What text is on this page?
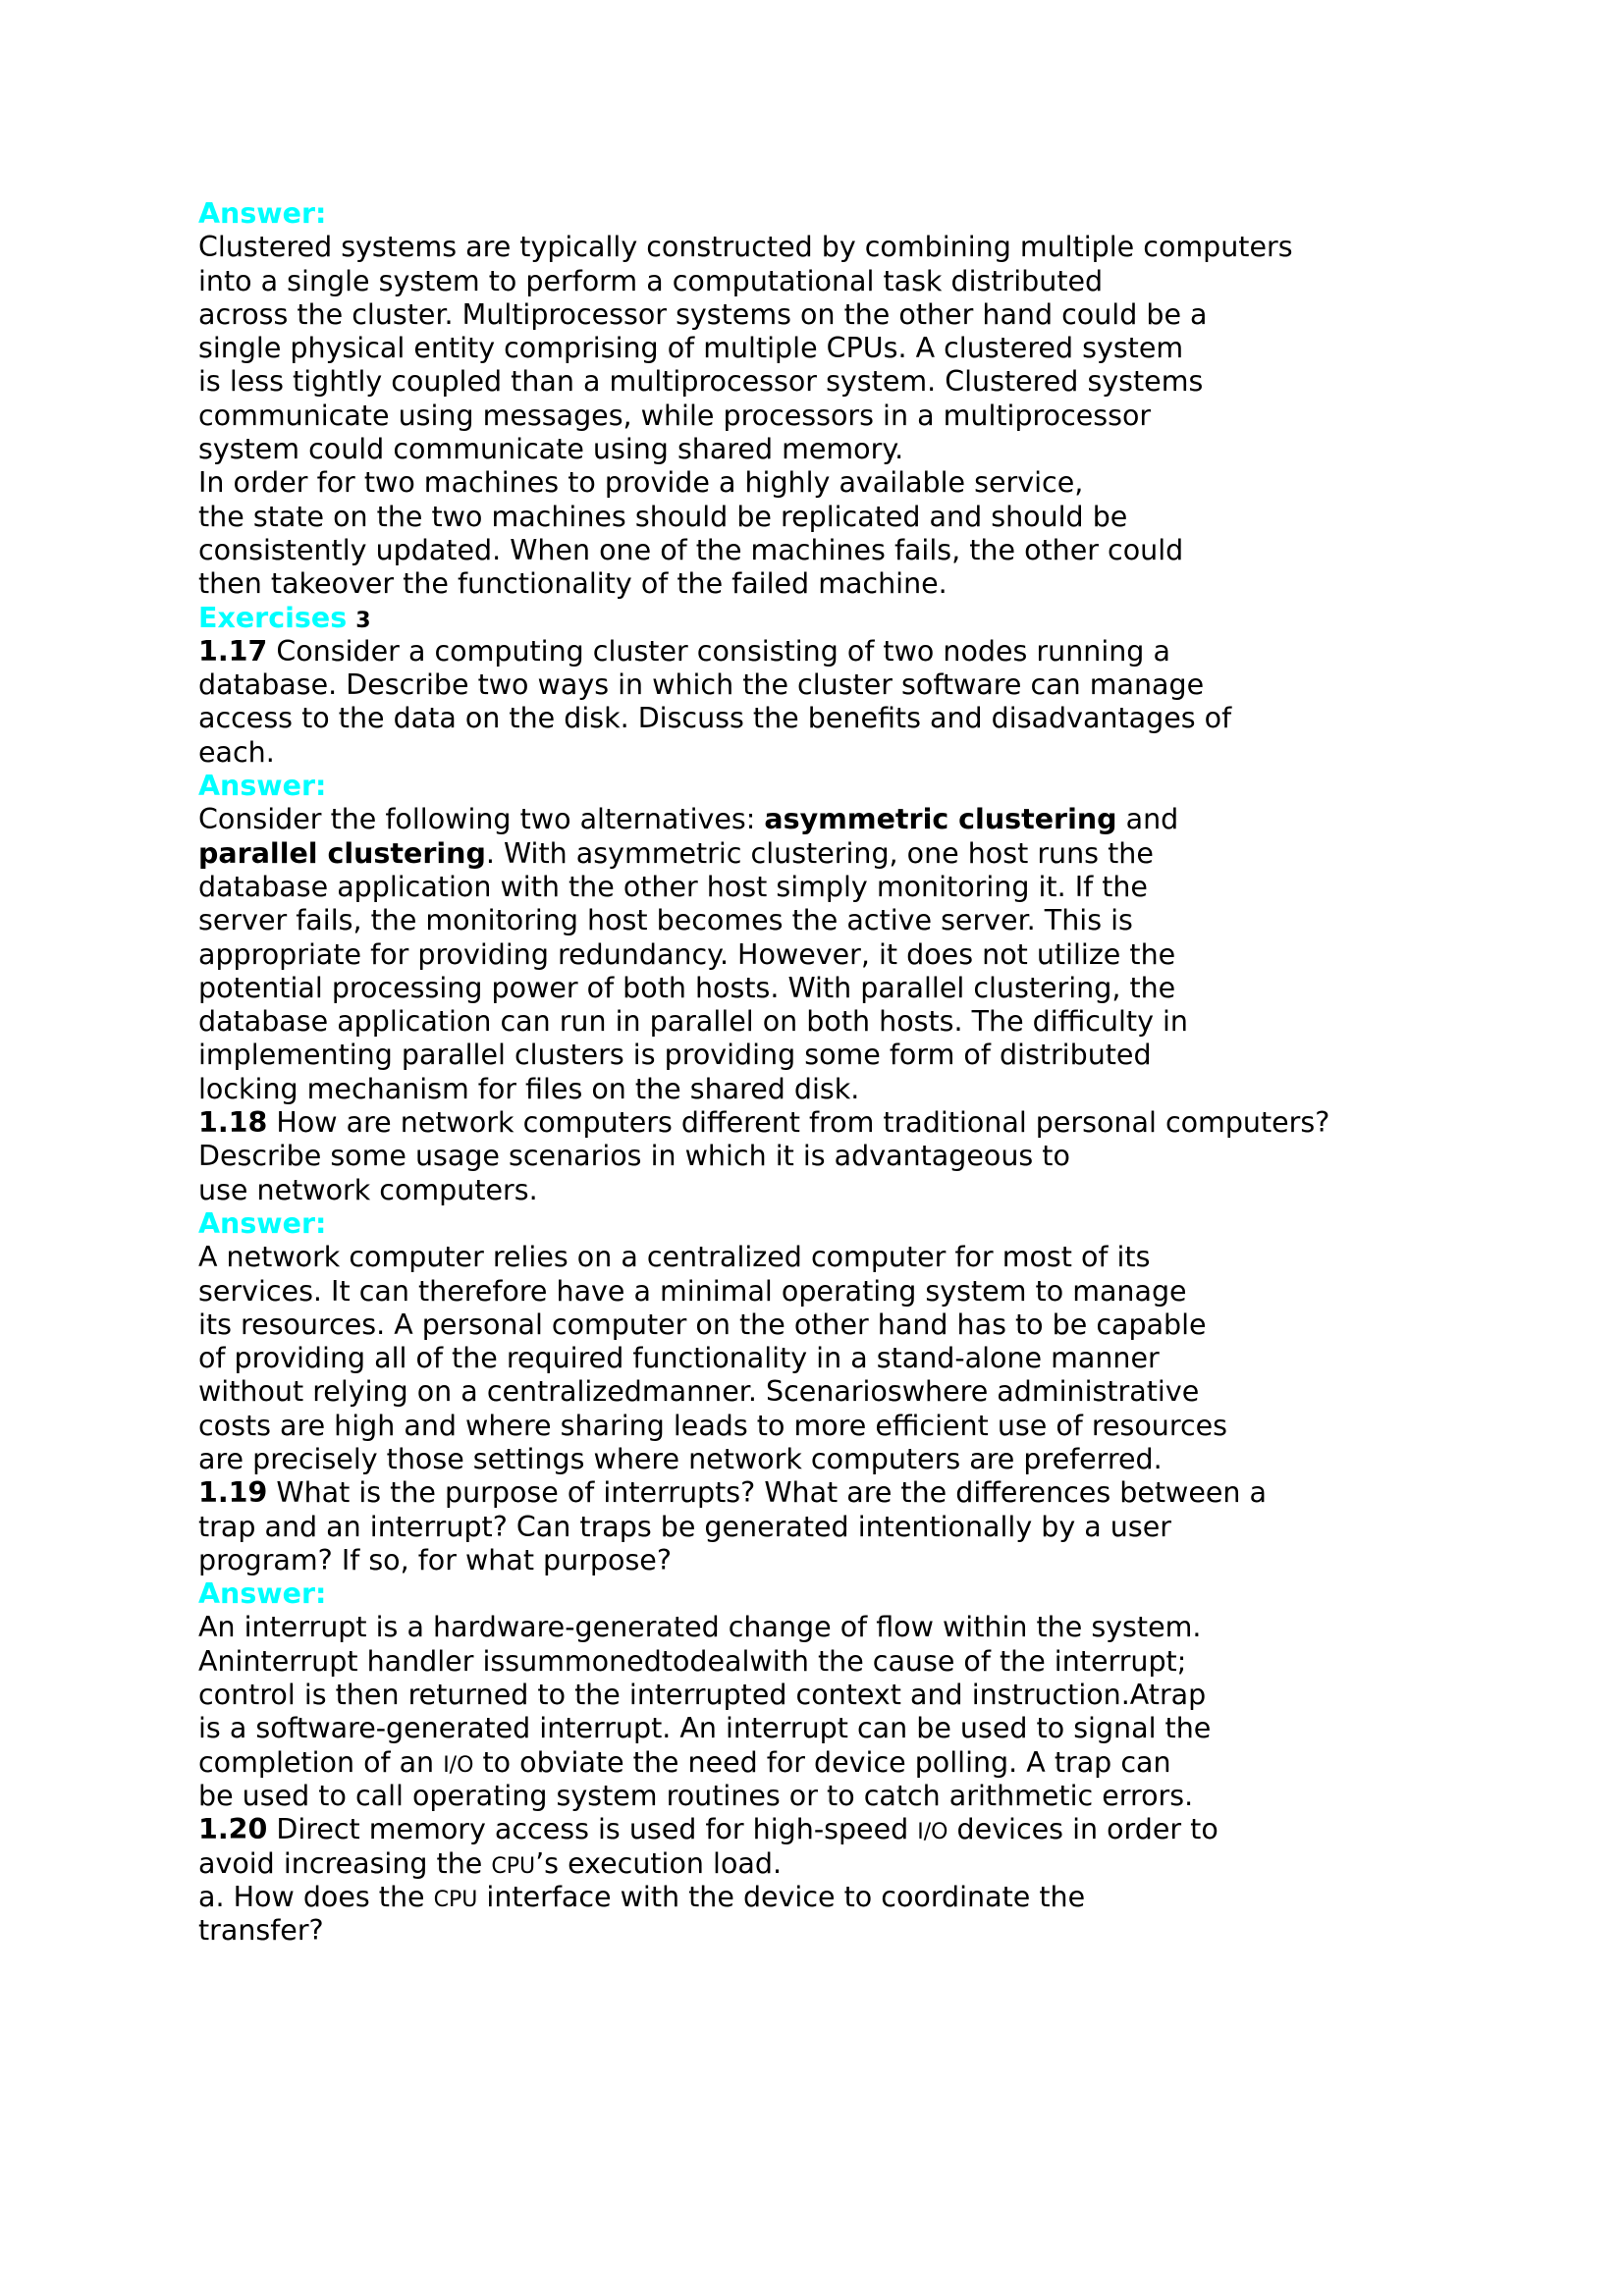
Answer:
Clustered systems are typically constructed by combining multiple computers
into a single system to perform a computational task distributed
across the cluster. Multiprocessor systems on the other hand could be a
single physical entity comprising of multiple CPUs. A clustered system
is less tightly coupled than a multiprocessor system. Clustered systems
communicate using messages, while processors in a multiprocessor
system could communicate using shared memory.
In order for two machines to provide a highly available service,
the state on the two machines should be replicated and should be
consistently updated. When one of the machines fails, the other could
then takeover the functionality of the failed machine.
Exercises 3
1.17 Consider a computing cluster consisting of two nodes running a
database. Describe two ways in which the cluster software can manage
access to the data on the disk. Discuss the benefits and disadvantages of
each.
Answer:
Consider the following two alternatives: asymmetric clustering and
parallel clustering. With asymmetric clustering, one host runs the
database application with the other host simply monitoring it. If the
server fails, the monitoring host becomes the active server. This is
appropriate for providing redundancy. However, it does not utilize the
potential processing power of both hosts. With parallel clustering, the
database application can run in parallel on both hosts. The difficulty in
implementing parallel clusters is providing some form of distributed
locking mechanism for files on the shared disk.
1.18 How are network computers different from traditional personal computers?
Describe some usage scenarios in which it is advantageous to
use network computers.
Answer:
A network computer relies on a centralized computer for most of its
services. It can therefore have a minimal operating system to manage
its resources. A personal computer on the other hand has to be capable
of providing all of the required functionality in a stand-alone manner
without relying on a centralizedmanner. Scenarioswhere administrative
costs are high and where sharing leads to more efficient use of resources
are precisely those settings where network computers are preferred.
1.19 What is the purpose of interrupts? What are the differences between a
trap and an interrupt? Can traps be generated intentionally by a user
program? If so, for what purpose?
Answer:
An interrupt is a hardware-generated change of flow within the system.
Aninterrupt handler issummonedtodealwith the cause of the interrupt;
control is then returned to the interrupted context and instruction.Atrap
is a software-generated interrupt. An interrupt can be used to signal the
completion of an I/O to obviate the need for device polling. A trap can
be used to call operating system routines or to catch arithmetic errors.
1.20 Direct memory access is used for high-speed I/O devices in order to
avoid increasing the CPU’s execution load.
a. How does the CPU interface with the device to coordinate the
transfer?
